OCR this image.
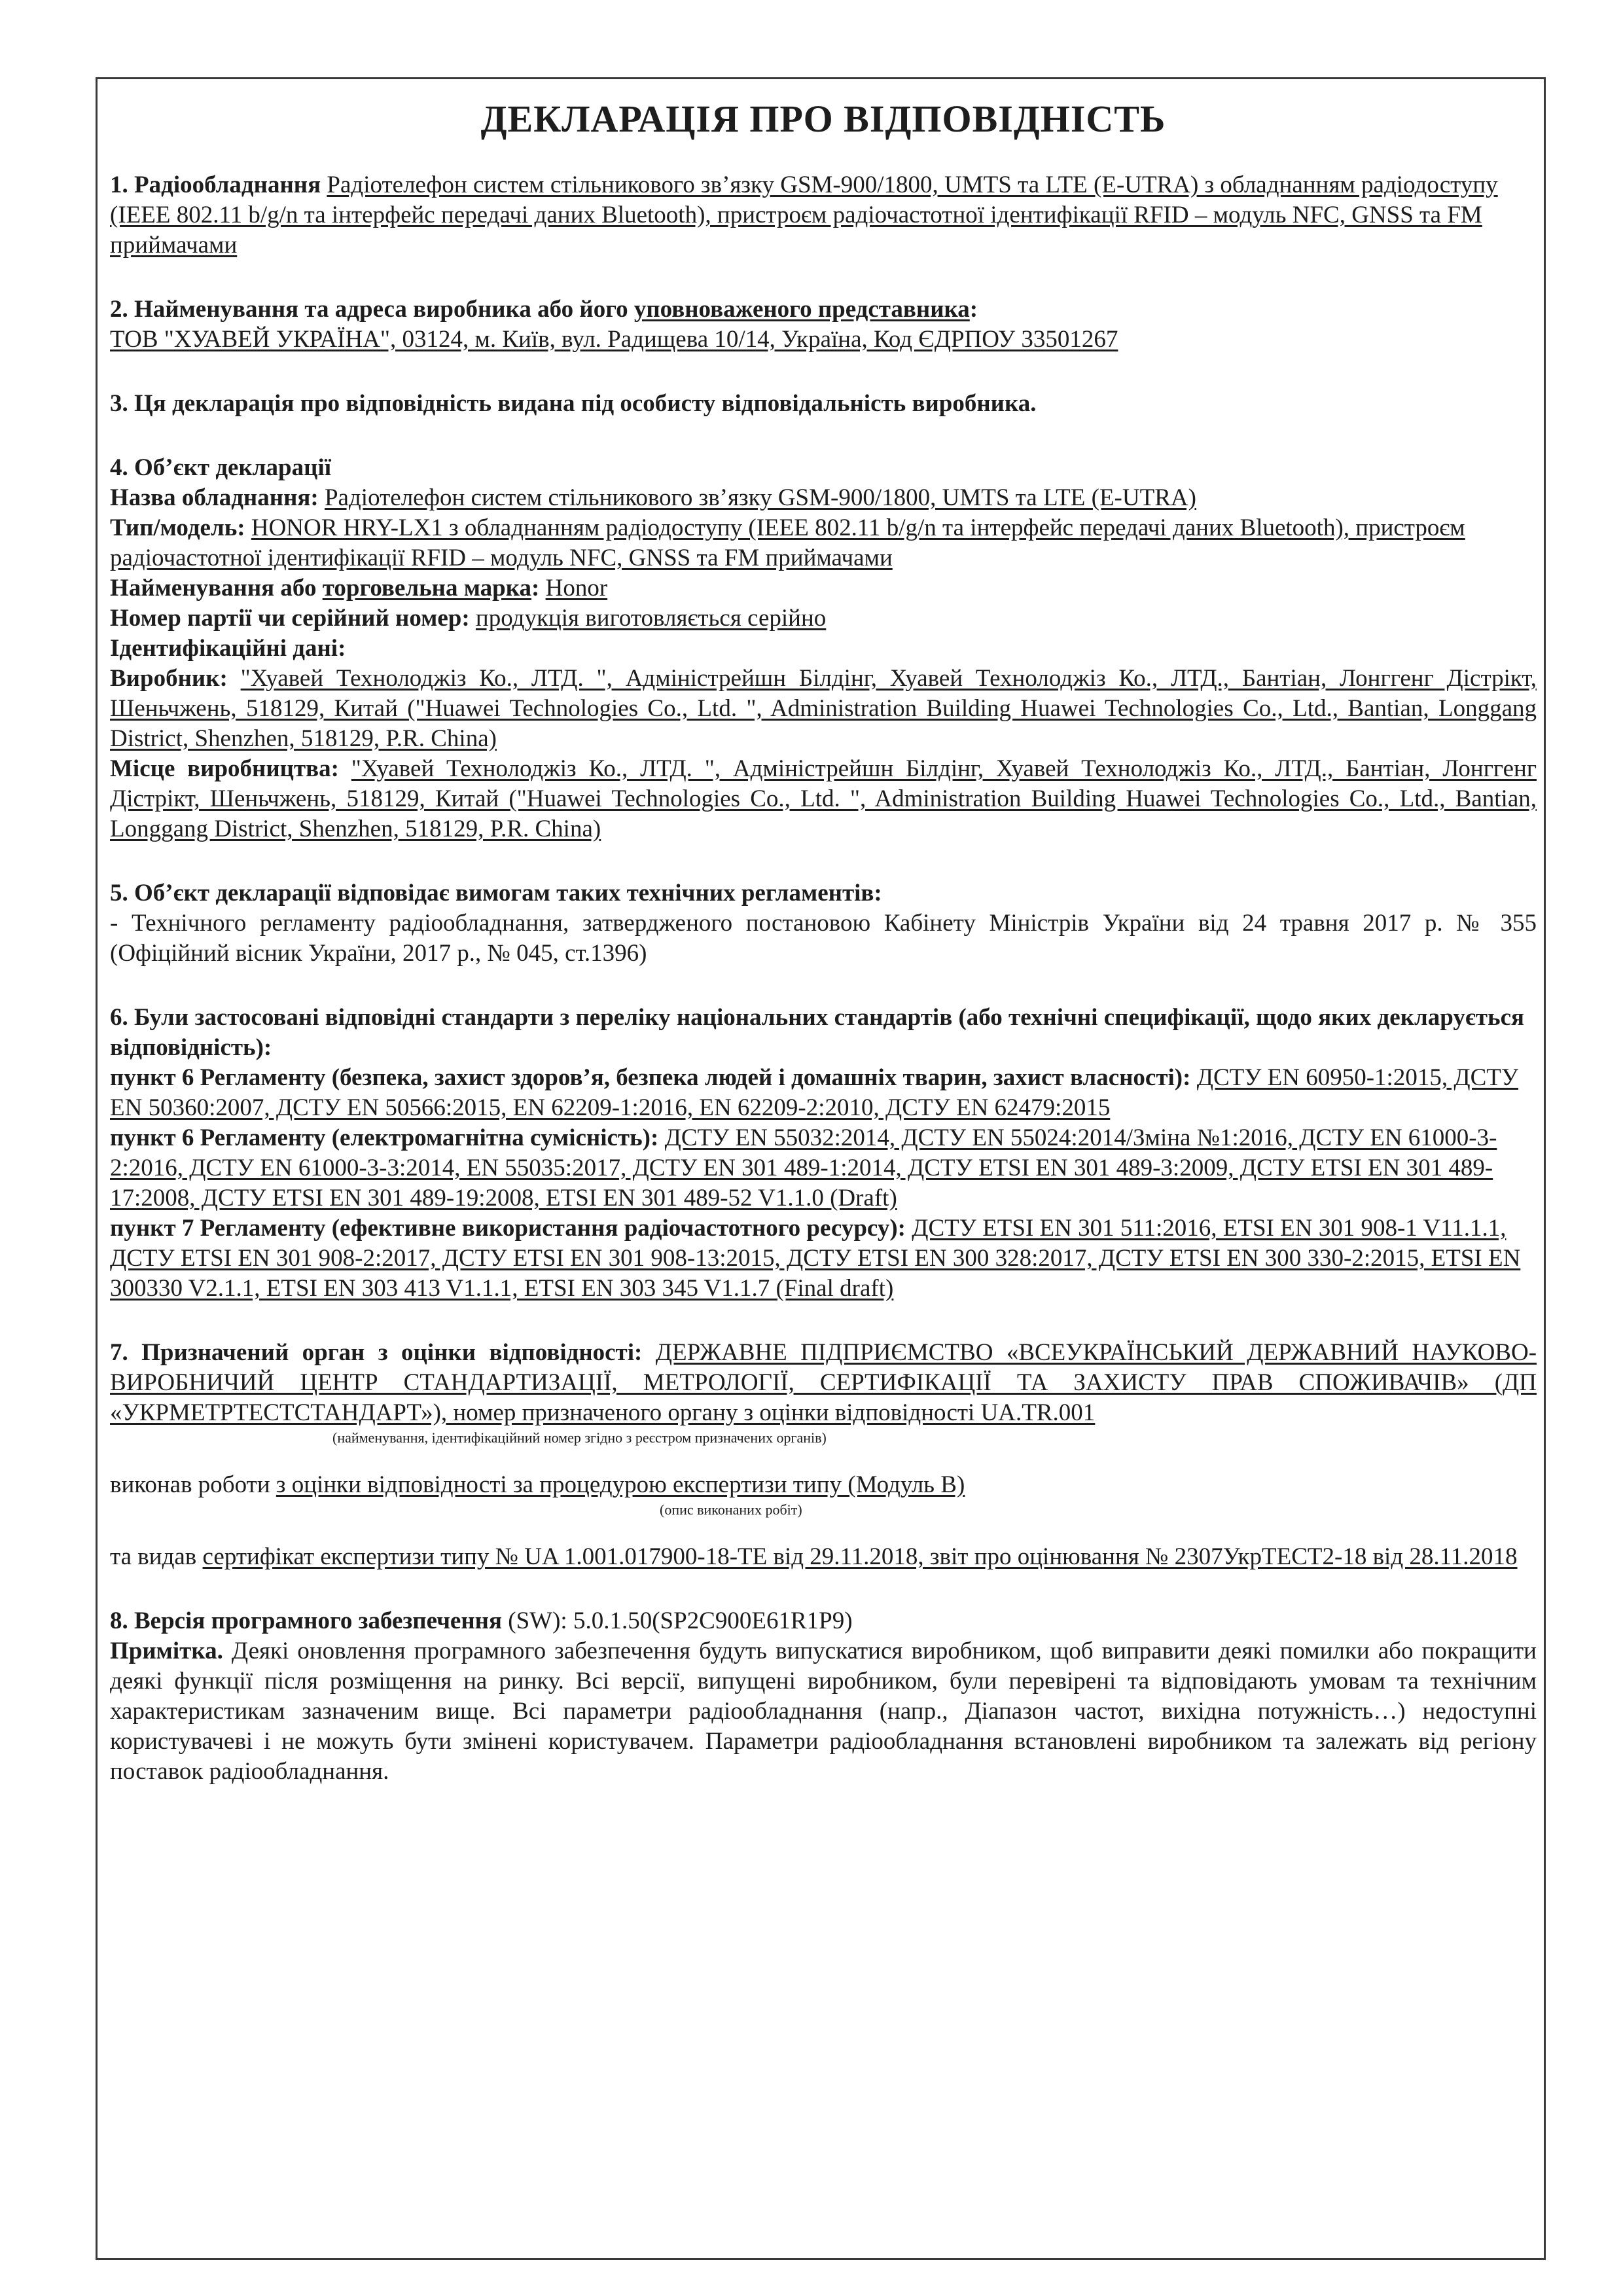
ДЕКЛАРАЦІЯ ПРО ВІДПОВІДНІСТЬ

1. Радіообладнання Радіотелефон систем стільникового зв’язку GSM-900/1800, UMTS та LTE (E-UTRA) з обладнанням радіодоступу (IEEE 802.11 b/g/n та інтерфейс передачі даних Bluetooth), пристроєм радіочастотної ідентифікації RFID – модуль NFC, GNSS та FM приймачами

2. Найменування та адреса виробника або його уповноваженого представника:

ТОВ "ХУАВЕЙ УКРАЇНА", 03124, м. Київ, вул. Радищева 10/14, Україна, Код ЄДРПОУ 33501267

3. Ця декларація про відповідність видана під особисту відповідальність виробника.

4. Об’єкт декларації

Назва обладнання: Радіотелефон систем стільникового зв’язку GSM-900/1800, UMTS та LTE (E-UTRA)

Тип/модель: HONOR HRY-LX1 з обладнанням радіодоступу (IEEE 802.11 b/g/n та інтерфейс передачі даних Bluetooth), пристроєм радіочастотної ідентифікації RFID – модуль NFC, GNSS та FM приймачами

Найменування або торговельна марка: Honor

Номер партії чи серійний номер: продукція виготовляється серійно

Ідентифікаційні дані:

Виробник: "Хуавей Технолоджіз Ко., ЛТД. ", Адміністрейшн Білдінг, Хуавей Технолоджіз Ко., ЛТД., Бантіан, Лонггенг Дістрікт, Шеньчжень, 518129, Китай ("Huawei Technologies Co., Ltd. ", Administration Building Huawei Technologies Co., Ltd., Bantian, Longgang District, Shenzhen, 518129, P.R. China)

Місце виробництва: "Хуавей Технолоджіз Ко., ЛТД. ", Адміністрейшн Білдінг, Хуавей Технолоджіз Ко., ЛТД., Бантіан, Лонггенг Дістрікт, Шеньчжень, 518129, Китай ("Huawei Technologies Co., Ltd. ", Administration Building Huawei Technologies Co., Ltd., Bantian, Longgang District, Shenzhen, 518129, P.R. China)

5. Об’єкт декларації відповідає вимогам таких технічних регламентів:

- Технічного регламенту радіообладнання, затвердженого постановою Кабінету Міністрів України від 24 травня 2017 р. № 355 (Офіційний вісник України, 2017 р., № 045, ст.1396)

6. Були застосовані відповідні стандарти з переліку національних стандартів (або технічні специфікації, щодо яких декларується відповідність):

пункт 6 Регламенту (безпека, захист здоров’я, безпека людей і домашніх тварин, захист власності): ДСТУ EN 60950-1:2015, ДСТУ EN 50360:2007, ДСТУ EN 50566:2015, EN 62209-1:2016, EN 62209-2:2010, ДСТУ EN 62479:2015

пункт 6 Регламенту (електромагнітна сумісність): ДСТУ EN 55032:2014, ДСТУ EN 55024:2014/Зміна №1:2016, ДСТУ EN 61000-3-2:2016, ДСТУ EN 61000-3-3:2014, EN 55035:2017, ДСТУ EN 301 489-1:2014, ДСТУ ETSI EN 301 489-3:2009, ДСТУ ETSI EN 301 489-17:2008, ДСТУ ETSI EN 301 489-19:2008, ETSI EN 301 489-52 V1.1.0 (Draft)

пункт 7 Регламенту (ефективне використання радіочастотного ресурсу): ДСТУ ETSI EN 301 511:2016, ETSI EN 301 908-1 V11.1.1, ДСТУ ETSI EN 301 908-2:2017, ДСТУ ETSI EN 301 908-13:2015, ДСТУ ETSI EN 300 328:2017, ДСТУ ETSI EN 300 330-2:2015, ETSI EN 300330 V2.1.1, ETSI EN 303 413 V1.1.1, ETSI EN 303 345 V1.1.7 (Final draft)

7. Призначений орган з оцінки відповідності: ДЕРЖАВНЕ ПІДПРИЄМСТВО «ВСЕУКРАЇНСЬКИЙ ДЕРЖАВНИЙ НАУКОВО-ВИРОБНИЧИЙ ЦЕНТР СТАНДАРТИЗАЦІЇ, МЕТРОЛОГІЇ, СЕРТИФІКАЦІЇ ТА ЗАХИСТУ ПРАВ СПОЖИВАЧІВ» (ДП «УКРМЕТРТЕСТСТАНДАРТ»), номер призначеного органу з оцінки відповідності UA.TR.001

(найменування, ідентифікаційний номер згідно з реєстром призначених органів)

виконав роботи з оцінки відповідності за процедурою експертизи типу (Модуль В)

(опис виконаних робіт)

та видав сертифікат експертизи типу № UA 1.001.017900-18-TE від 29.11.2018, звіт про оцінювання № 2307УкрТЕСТ2-18 від 28.11.2018

8. Версія програмного забезпечення (SW): 5.0.1.50(SP2C900E61R1P9)

Примітка. Деякі оновлення програмного забезпечення будуть випускатися виробником, щоб виправити деякі помилки або покращити деякі функції після розміщення на ринку. Всі версії, випущені виробником, були перевірені та відповідають умовам та технічним характеристикам зазначеним вище. Всі параметри радіообладнання (напр., Діапазон частот, вихідна потужність…) недоступні користувачеві і не можуть бути змінені користувачем. Параметри радіообладнання встановлені виробником та залежать від регіону поставок радіообладнання.
